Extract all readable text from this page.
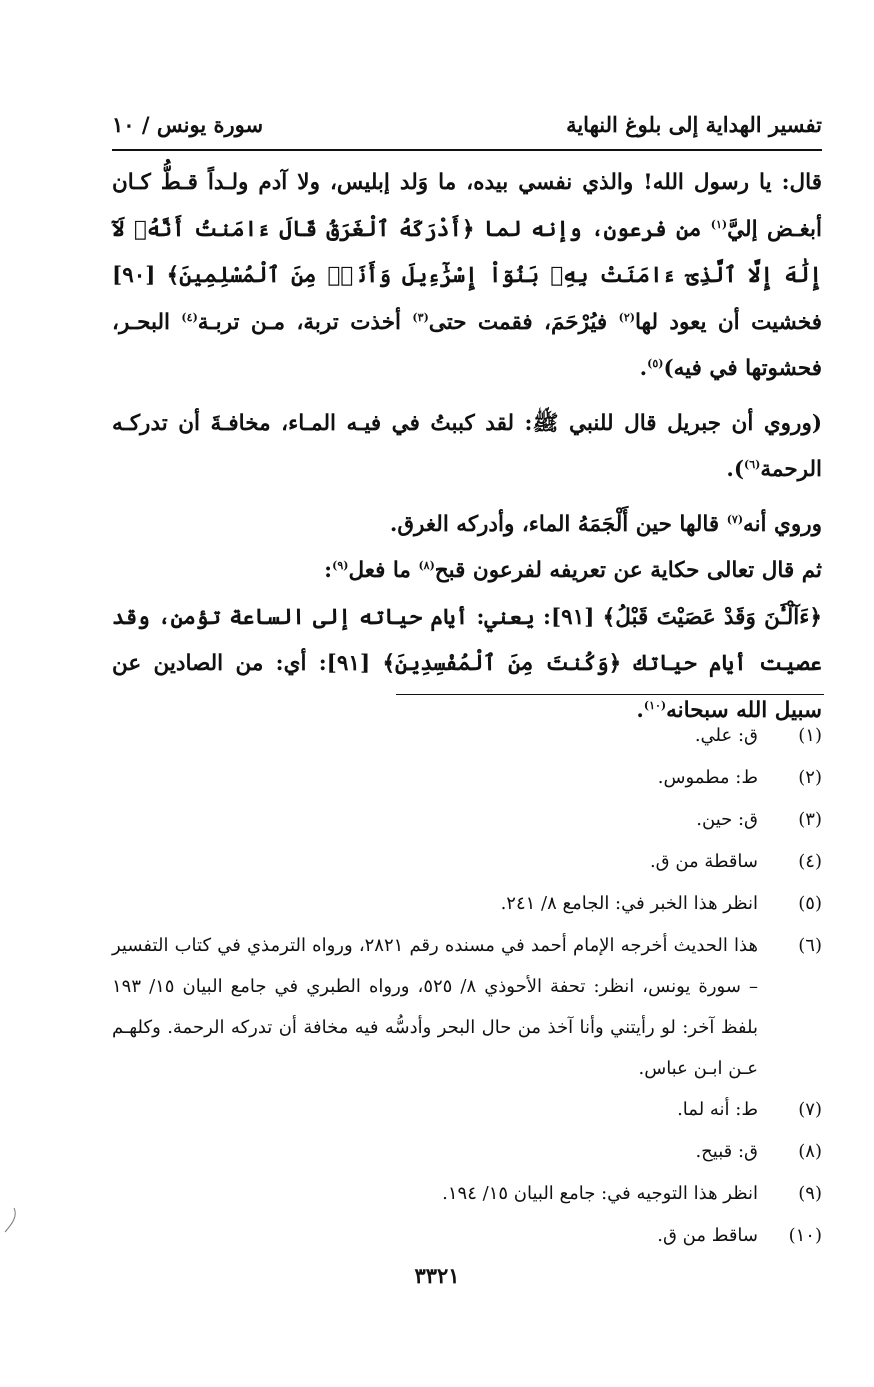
تفسير الهداية إلى بلوغ النهاية
سورة يونس / ١٠

قال: يا رسول الله! والذي نفسي بيده، ما وَلد إبليس، ولا آدم ولـداً قـطُّ كـان أبغـض إليَّ$^{(١)}$ من فرعون، وإنه لما ﴿أَدْرَكَهُ ٱلْغَرَقُ قَالَ ءَامَنتُ أَنَّهُۥ لَآ إِلَٰهَ إِلَّا ٱلَّذِىٓ ءَامَنَتْ بِهِۦ بَنُوٓاْ إِسْرَٰٓءِيلَ وَأَنَا۠ مِنَ ٱلْمُسْلِمِينَ﴾ [٩٠] فخشيت أن يعود لها$^{(٢)}$ فيُرْحَمَ، فقمت حتى$^{(٣)}$ أخذت تربة، مـن تربـة$^{(٤)}$ البحـر، فحشوتها في فيه)$^{(٥)}$.

(وروي أن جبريل قال للنبي ﷺ: لقد كببتُ في فيـه المـاء، مخافـةَ أن تدركـه الرحمة$^{(٦)}$).

وروي أنه$^{(٧)}$ قالها حين أَلْجَمَهُ الماء، وأدركه الغرق.

ثم قال تعالى حكاية عن تعريفه لفرعون قبح$^{(٨)}$ ما فعل$^{(٩)}$:

﴿ءَآلْـَٰٔنَ وَقَدْ عَصَيْتَ قَبْلُ﴾ [٩١]: يعني: أيام حياته إلى الساعة تؤمن، وقد عصيت أيام حياتك ﴿وَكُنتَ مِنَ ٱلْمُفْسِدِينَ﴾ [٩١]: أي: من الصادين عن سبيل الله سبحانه$^{(١٠)}$.

(١)
ق: علي.
(٢)
ط: مطموس.
(٣)
ق: حين.
(٤)
ساقطة من ق.
(٥)
انظر هذا الخبر في: الجامع ٨/ ٢٤١.
(٦)
هذا الحديث أخرجه الإمام أحمد في مسنده رقم ٢٨٢١، ورواه الترمذي في كتاب التفسير – سورة يونس، انظر: تحفة الأحوذي ٨/ ٥٢٥، ورواه الطبري في جامع البيان ١٥/ ١٩٣ بلفظ آخر: لو رأيتني وأنا آخذ من حال البحر وأدسُّه فيه مخافة أن تدركه الرحمة. وكلهـم عـن ابـن عباس.
(٧)
ط: أنه لما.
(٨)
ق: قبيح.
(٩)
انظر هذا التوجيه في: جامع البيان ١٥/ ١٩٤.
(١٠)
ساقط من ق.
٣٣٢١
